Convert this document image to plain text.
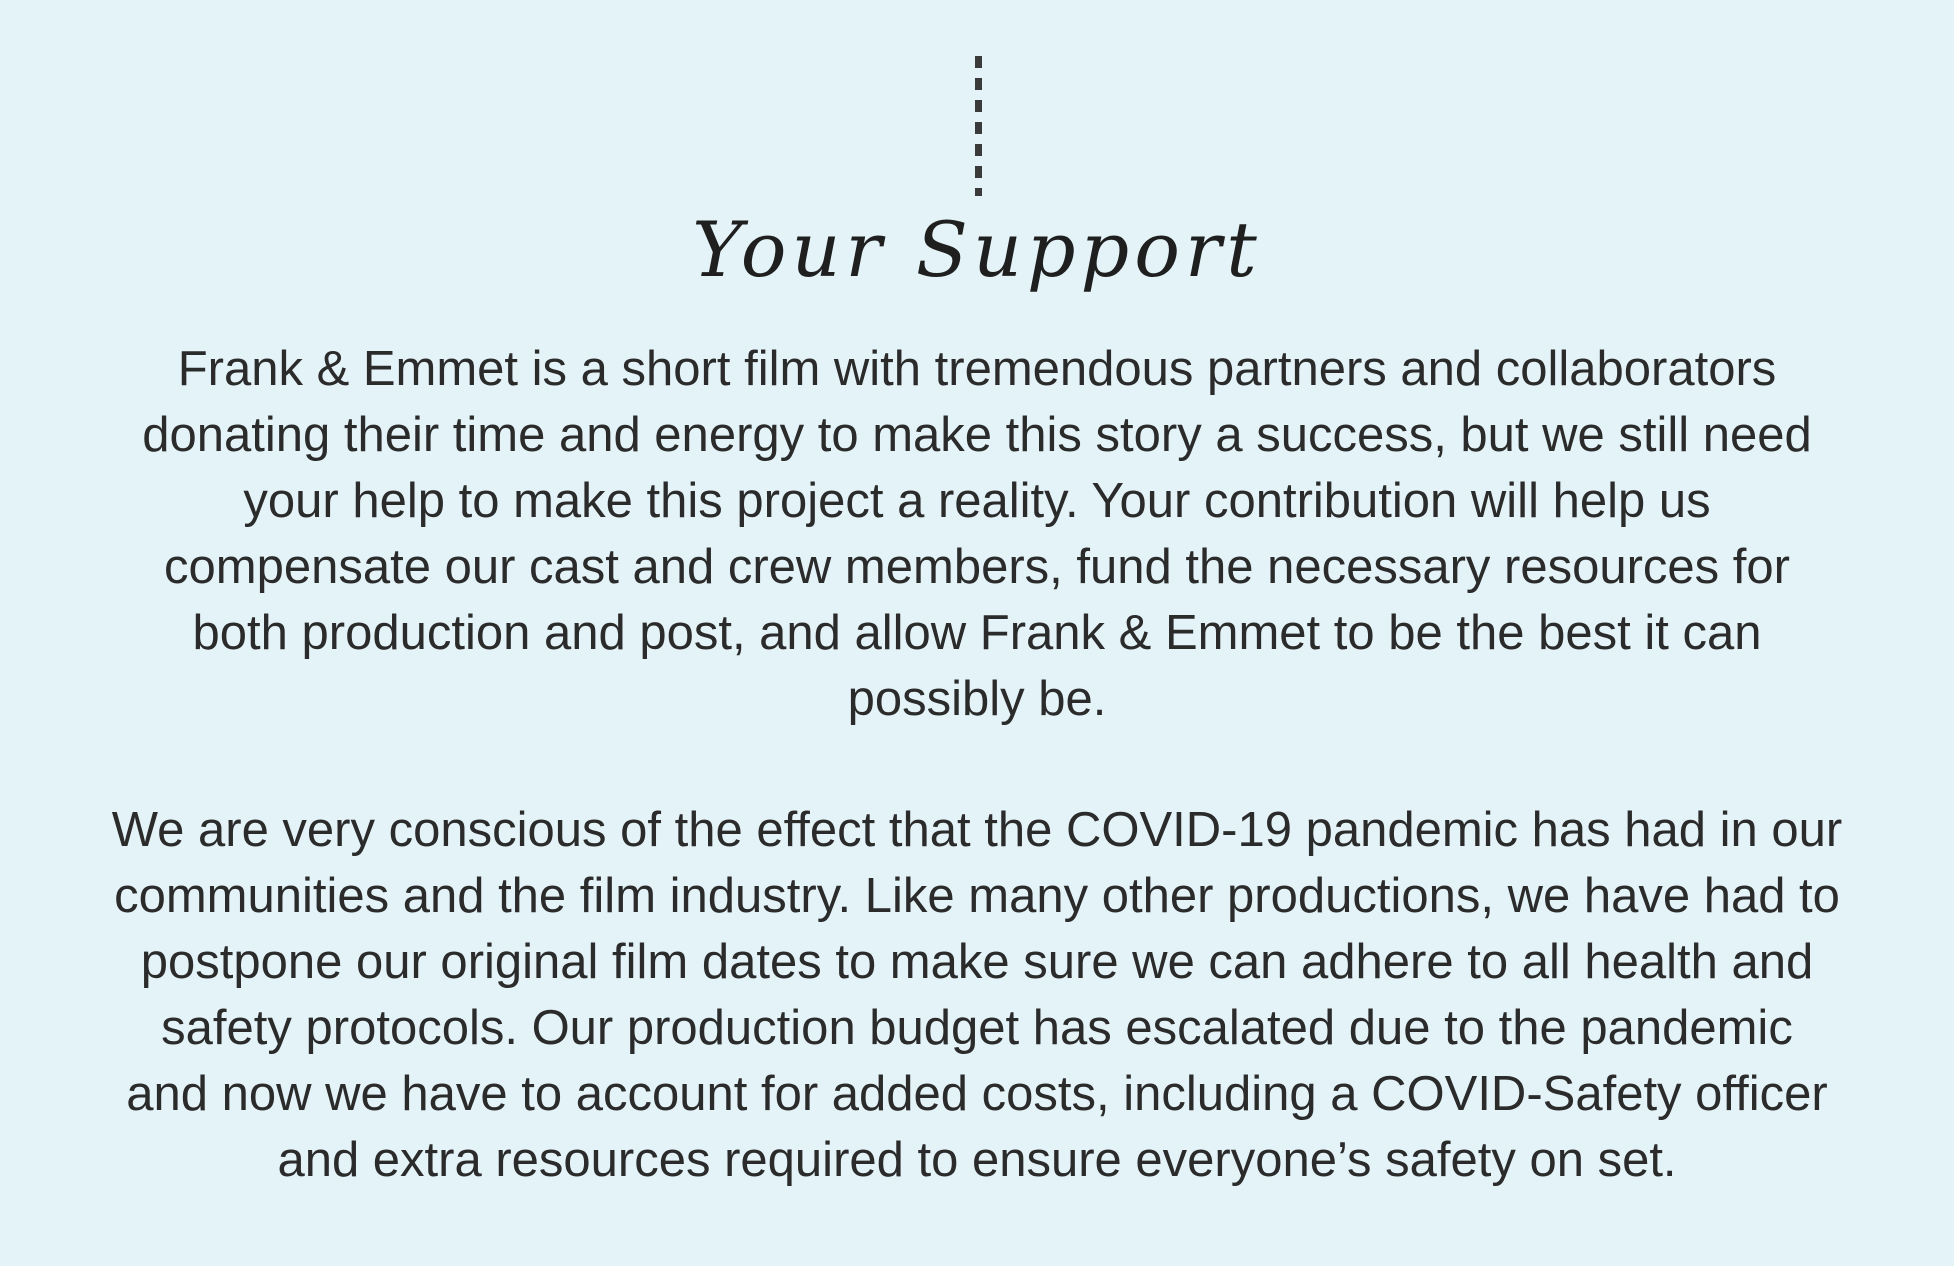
Your Support

Frank & Emmet is a short film with tremendous partners and collaborators
donating their time and energy to make this story a success, but we still need
your help to make this project a reality. Your contribution will help us
compensate our cast and crew members, fund the necessary resources for
both production and post, and allow Frank & Emmet to be the best it can
possibly be.

We are very conscious of the effect that the COVID-19 pandemic has had in our
communities and the film industry. Like many other productions, we have had to
postpone our original film dates to make sure we can adhere to all health and
safety protocols. Our production budget has escalated due to the pandemic
and now we have to account for added costs, including a COVID-Safety officer
and extra resources required to ensure everyone’s safety on set.
